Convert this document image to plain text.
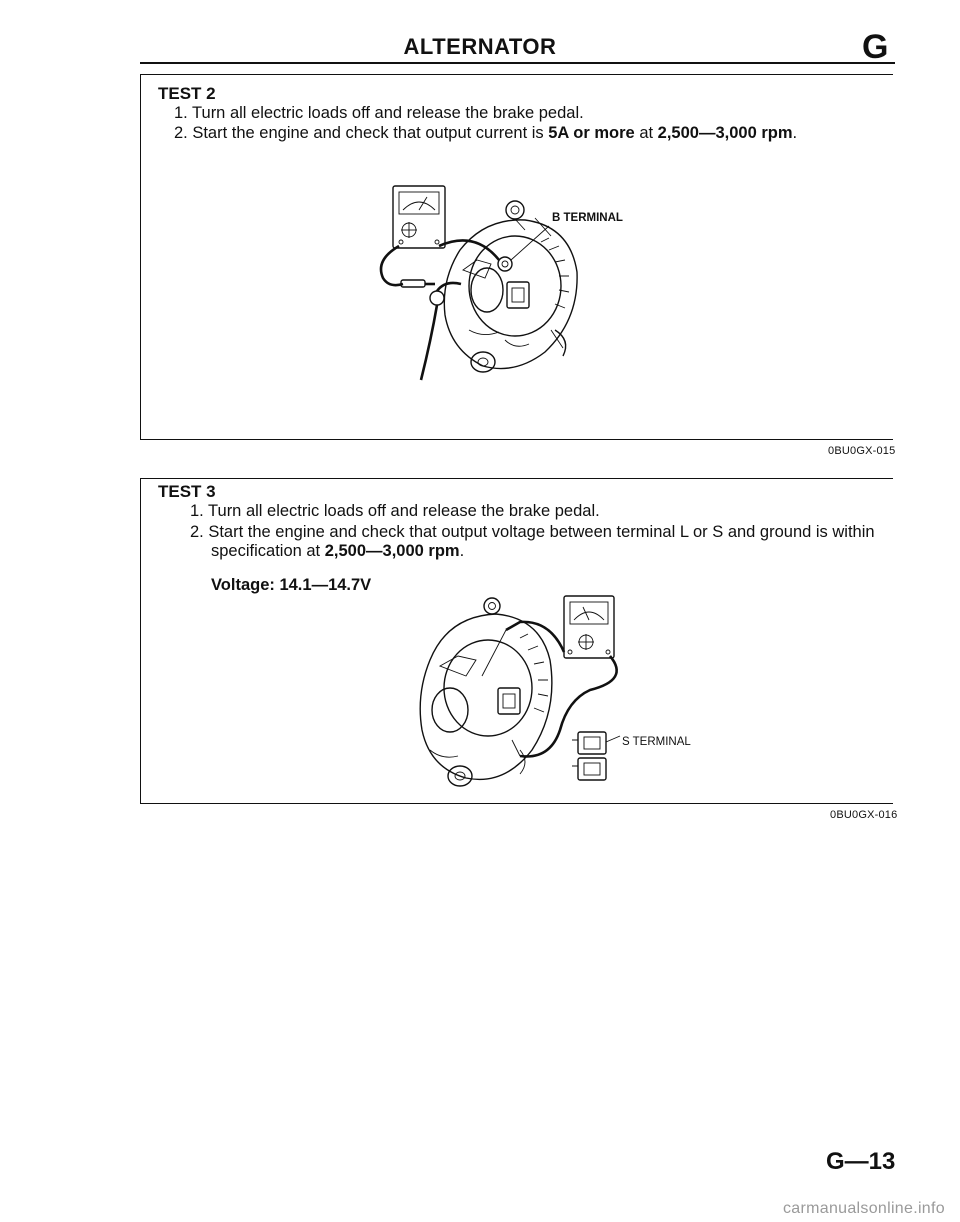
ALTERNATOR	G
TEST 2
1. Turn all electric loads off and release the brake pedal.
2. Start the engine and check that output current is 5A or more at 2,500—3,000 rpm.
B TERMINAL
0BU0GX-015
TEST 3
1. Turn all electric loads off and release the brake pedal.
2. Start the engine and check that output voltage between terminal L or S and ground is within
specification at 2,500—3,000 rpm.
Voltage: 14.1—14.7V
S TERMINAL
0BU0GX-016
G—13
carmanualsonline.info
